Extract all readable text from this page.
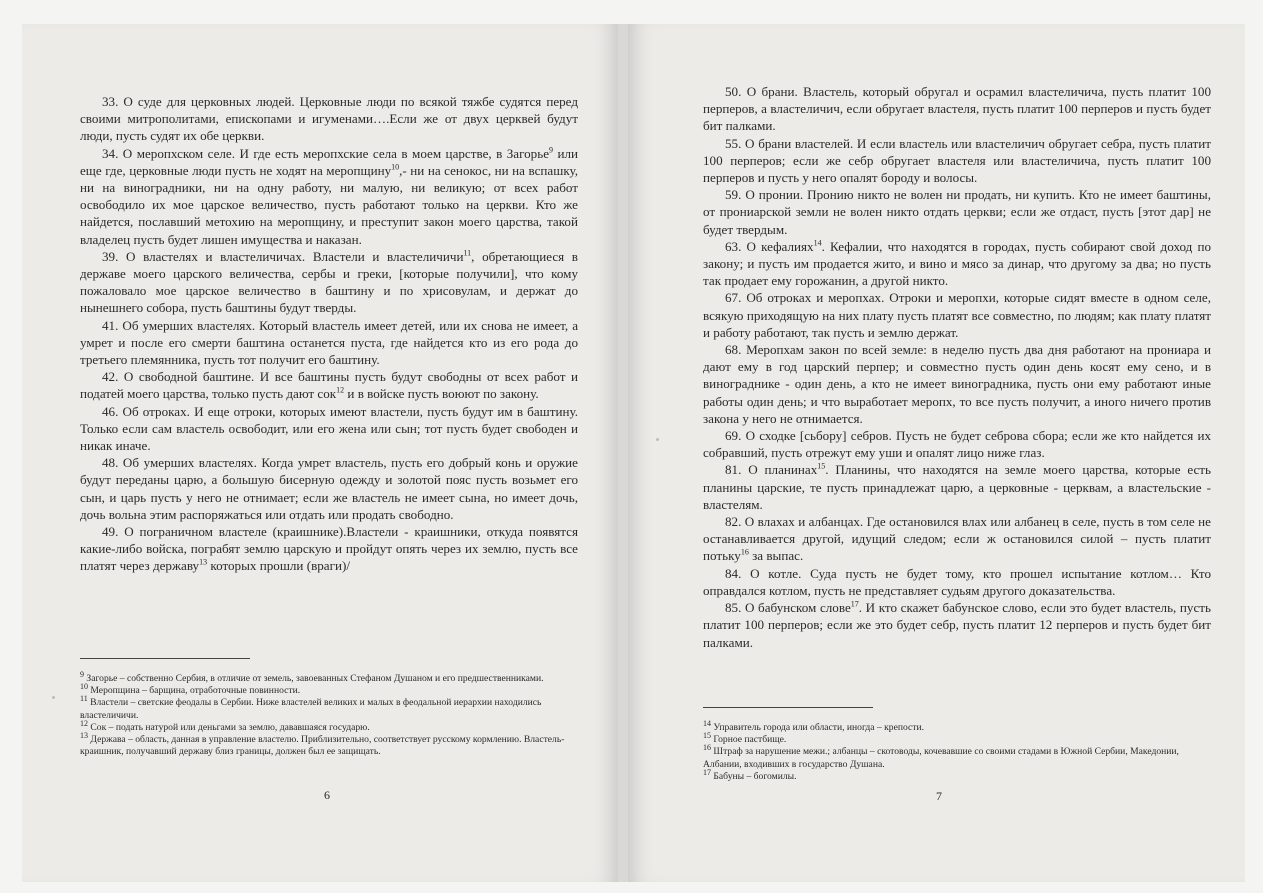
33. О суде для церковных людей. Церковные люди по всякой тяжбе судятся перед своими митрополитами, епископами и игуменами….Если же от двух церквей будут люди, пусть судят их обе церкви.

34. О меропхском селе. И где есть меропхские села в моем царстве, в Загорье$^9$ или еще где, церковные люди пусть не ходят на меропщину$^{10}$,- ни на сенокос, ни на вспашку, ни на виноградники, ни на одну работу, ни малую, ни великую; от всех работ освободило их мое царское величество, пусть работают только на церкви. Кто же найдется, пославший метохию на меропщину, и преступит закон моего царства, такой владелец пусть будет лишен имущества и наказан.

39. О властелях и властеличичах. Властели и властеличичи$^{11}$, обретающиеся в державе моего царского величества, сербы и греки, [которые получили], что кому пожаловало мое царское величество в баштину и по хрисовулам, и держат до нынешнего собора, пусть баштины будут тверды.

41. Об умерших властелях. Который властель имеет детей, или их снова не имеет, а умрет и после его смерти баштина останется пуста, где найдется кто из его рода до третьего племянника, пусть тот получит его баштину.

42. О свободной баштине. И все баштины пусть будут свободны от всех работ и податей моего царства, только пусть дают сок$^{12}$ и в войске пусть воюют по закону.

46. Об отроках. И еще отроки, которых имеют властели, пусть будут им в баштину. Только если сам властель освободит, или его жена или сын; тот пусть будет свободен и никак иначе.

48. Об умерших властелях. Когда умрет властель, пусть его добрый конь и оружие будут переданы царю, а большую бисерную одежду и золотой пояс пусть возьмет его сын, и царь пусть у него не отнимает; если же властель не имеет сына, но имеет дочь, дочь вольна этим распоряжаться или отдать или продать свободно.

49. О пограничном властеле (краишнике).Властели - краишники, откуда появятся какие-либо войска, пограбят землю царскую и пройдут опять через их землю, пусть все платят через державу$^{13}$ которых прошли (враги)/

$^9$ Загорье – собственно Сербия, в отличие от земель, завоеванных Стефаном Душаном и его предшественниками.

$^{10}$ Меропщина – барщина, отработочные повинности.

$^{11}$ Властели – светские феодалы в Сербии. Ниже властелей великих и малых в феодальной иерархии находились властеличичи.

$^{12}$ Сок – подать натурой или деньгами за землю, дававшаяся государю.

$^{13}$ Держава – область, данная в управление властелю. Приблизительно, соответствует русскому кормлению. Властель-краишник, получавший державу близ границы, должен был ее защищать.

6

50. О брани. Властель, который обругал и осрамил властеличича, пусть платит 100 перперов, а властеличич, если обругает властеля, пусть платит 100 перперов и пусть будет бит палками.

55. О брани властелей. И если властель или властеличич обругает себра, пусть платит 100 перперов; если же себр обругает властеля или властеличича, пусть платит 100 перперов и пусть у него опалят бороду и волосы.

59. О пронии. Пронию никто не волен ни продать, ни купить. Кто не имеет баштины, от прониарской земли не волен никто отдать церкви; если же отдаст, пусть [этот дар] не будет твердым.

63. О кефалиях$^{14}$. Кефалии, что находятся в городах, пусть собирают свой доход по закону; и пусть им продается жито, и вино и мясо за динар, что другому за два; но пусть так продает ему горожанин, а другой никто.

67. Об отроках и меропхах. Отроки и меропхи, которые сидят вместе в одном селе, всякую приходящую на них плату пусть платят все совместно, по людям; как плату платят и работу работают, так пусть и землю держат.

68. Меропхам закон по всей земле: в неделю пусть два дня работают на прониара и дают ему в год царский перпер; и совместно пусть один день косят ему сено, и в винограднике - один день, а кто не имеет виноградника, пусть они ему работают иные работы один день; и что выработает меропх, то все пусть получит, а иного ничего против закона у него не отнимается.

69. О сходке [сьбору] себров. Пусть не будет себрова сбора; если же кто найдется их собравший, пусть отрежут ему уши и опалят лицо ниже глаз.

81. О планинах$^{15}$. Планины, что находятся на земле моего царства, которые есть планины царские, те пусть принадлежат царю, а церковные - церквам, а властельские - властелям.

82. О влахах и албанцах. Где остановился влах или албанец в селе, пусть в том селе не останавливается другой, идущий следом; если ж остановился силой – пусть платит потьку$^{16}$ за выпас.

84. О котле. Суда пусть не будет тому, кто прошел испытание котлом… Кто оправдался котлом, пусть не представляет судьям другого доказательства.

85. О бабунском слове$^{17}$. И кто скажет бабунское слово, если это будет властель, пусть платит 100 перперов; если же это будет себр, пусть платит 12 перперов и пусть будет бит палками.

$^{14}$ Управитель города или области, иногда – крепости.

$^{15}$ Горное пастбище.

$^{16}$ Штраф за нарушение межи.; албанцы – скотоводы, кочевавшие со своими стадами в Южной Сербии, Македонии, Албании, входивших в государство Душана.

$^{17}$ Бабуны – богомилы.

7
